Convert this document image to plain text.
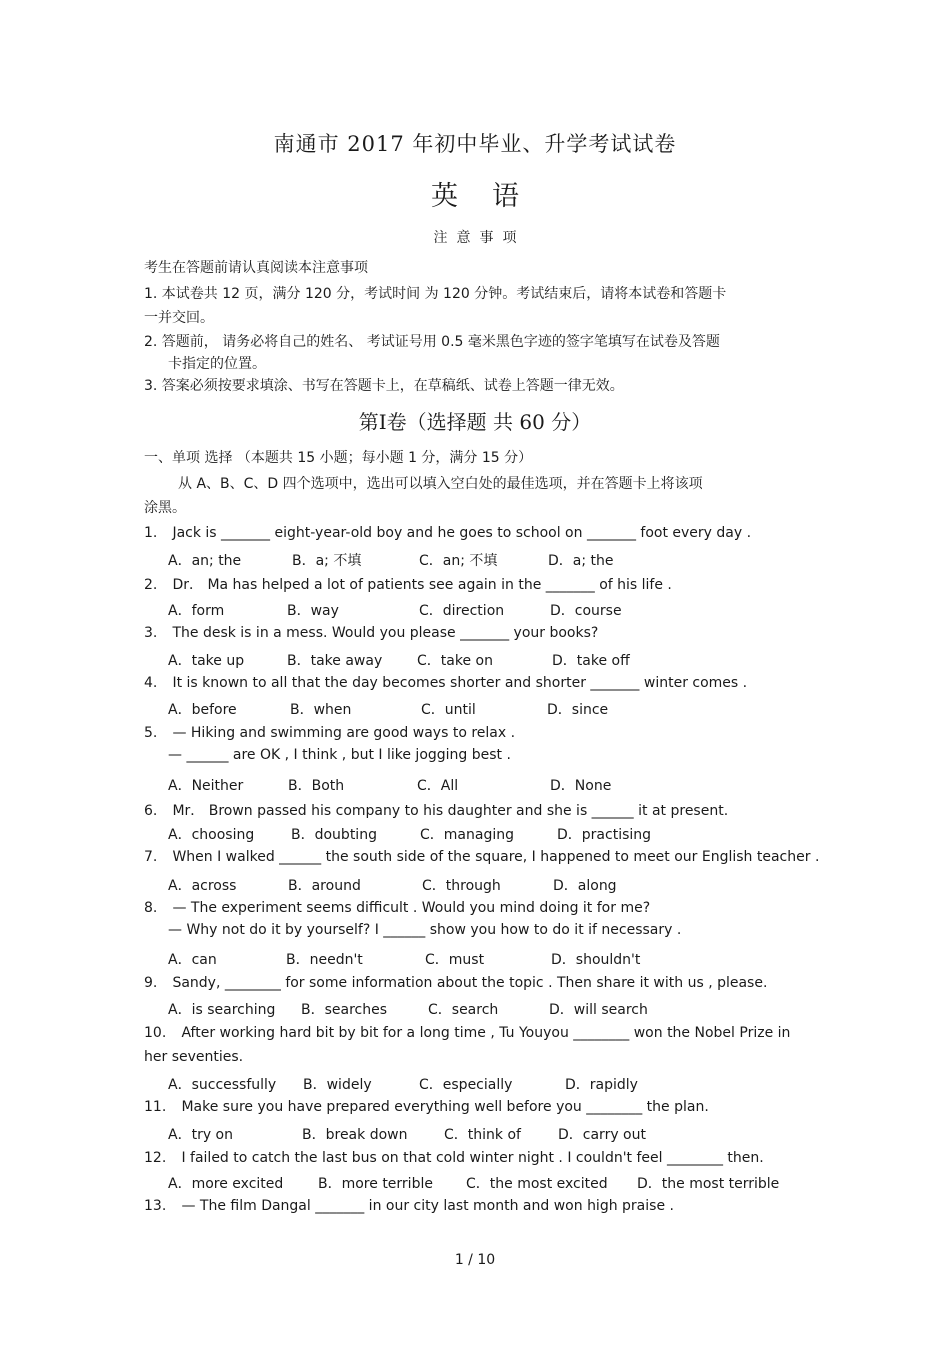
南通市 2017 年初中毕业、升学考试试卷
英语
注意事项
考生在答题前请认真阅读本注意事项
1. 本试卷共 12 页，满分 120 分，考试时间 为 120 分钟。考试结束后，请将本试卷和答题卡
一并交回。
2. 答题前， 请务必将自己的姓名、 考试证号用 0.5 毫米黑色字迹的签字笔填写在试卷及答题
卡指定的位置。
3. 答案必须按要求填涂、书写在答题卡上，在草稿纸、试卷上答题一律无效。
第Ⅰ卷（选择题 共 60 分）
一、单项 选择 （本题共 15 小题；每小题 1 分，满分 15 分）
从 A、B、C、D 四个选项中，选出可以填入空白处的最佳选项，并在答题卡上将该项
涂黑。
1. Jack is _______ eight-year-old boy and he goes to school on _______ foot every day .
A．an; the	B．a; 不填	C．an; 不填	D．a; the
2. Dr． Ma has helped a lot of patients see again in the _______ of his life .
A．form	B．way	C．direction	D．course
3. The desk is in a mess. Would you please _______ your books?
A．take up	B．take away C．take on	D．take off
4. It is known to all that the day becomes shorter and shorter _______ winter comes .
A．before	B．when	C．until	D．since
5. — Hiking and swimming are good ways to relax .
— ______ are OK , I think , but I like jogging best .
A．Neither	B．Both	C．All	D．None
6. Mr． Brown passed his company to his daughter and she is ______ it at present.
A．choosing	B．doubting	C．managing	D．practising
7. When I walked ______ the south side of the square, I happened to meet our English teacher .
A．across	B．around	C．through	D．along
8. — The experiment seems difficult . Would you mind doing it for me?
— Why not do it by yourself? I ______ show you how to do it if necessary .
A．can	B．needn't	C．must	D．shouldn't
9. Sandy, ________ for some information about the topic . Then share it with us , please.
A．is searching B．searches	C．search	D．will search
10. After working hard bit by bit for a long time , Tu Youyou ________ won the Nobel Prize in
her seventies.
A．successfully B．widely	C．especially	D．rapidly
11. Make sure you have prepared everything well before you ________ the plan.
A．try on	B．break down	C．think of	D．carry out
12. I failed to catch the last bus on that cold winter night . I couldn't feel ________ then.
A．more excited B．more terrible C．the most excited D．the most terrible
13. — The film Dangal _______ in our city last month and won high praise .
1 / 10
